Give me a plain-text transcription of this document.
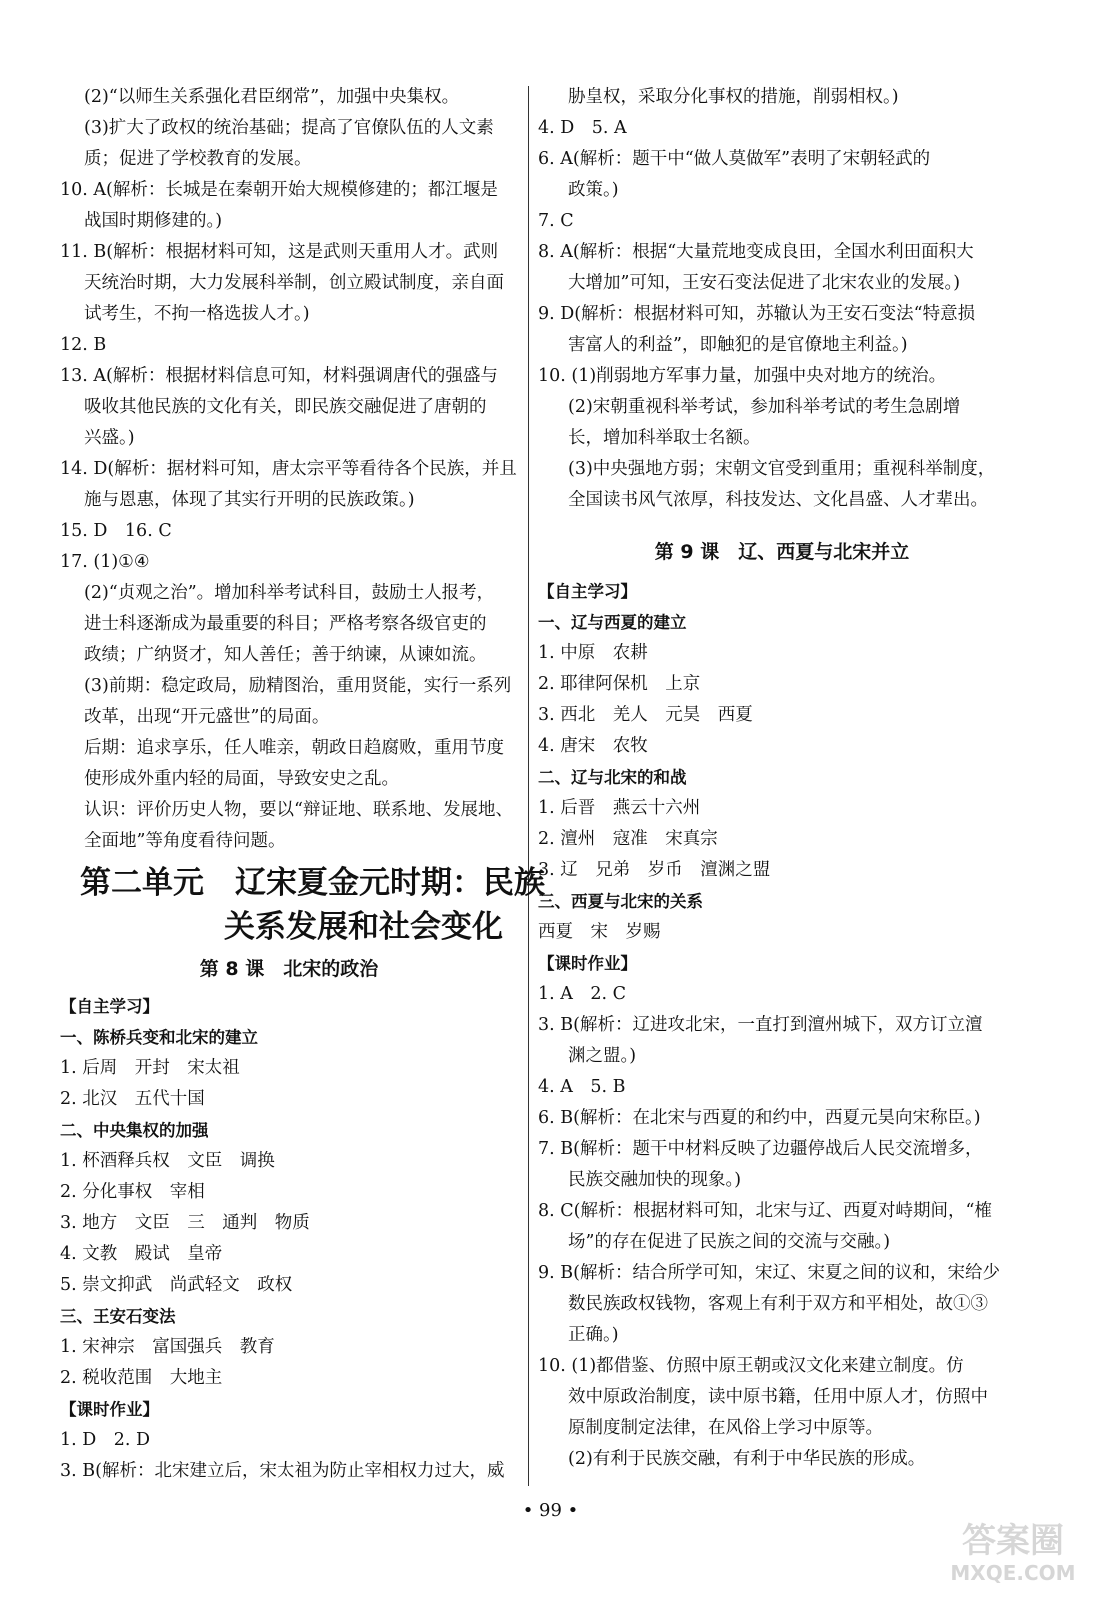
(2)“以师生关系强化君臣纲常”，加强中央集权。
(3)扩大了政权的统治基础；提高了官僚队伍的人文素
质；促进了学校教育的发展。
10. A(解析：长城是在秦朝开始大规模修建的；都江堰是
战国时期修建的。)
11. B(解析：根据材料可知，这是武则天重用人才。武则
天统治时期，大力发展科举制，创立殿试制度，亲自面
试考生，不拘一格选拔人才。)
12. B
13. A(解析：根据材料信息可知，材料强调唐代的强盛与
吸收其他民族的文化有关，即民族交融促进了唐朝的
兴盛。)
14. D(解析：据材料可知，唐太宗平等看待各个民族，并且
施与恩惠，体现了其实行开明的民族政策。)
15. D　16. C
17. (1)①④
(2)“贞观之治”。增加科举考试科目，鼓励士人报考，
进士科逐渐成为最重要的科目；严格考察各级官吏的
政绩；广纳贤才，知人善任；善于纳谏，从谏如流。
(3)前期：稳定政局，励精图治，重用贤能，实行一系列
改革，出现“开元盛世”的局面。
后期：追求享乐，任人唯亲，朝政日趋腐败，重用节度
使形成外重内轻的局面，导致安史之乱。
认识：评价历史人物，要以“辩证地、联系地、发展地、
全面地”等角度看待问题。
第二单元　辽宋夏金元时期：民族
关系发展和社会变化
第 8 课　北宋的政治
【自主学习】
一、陈桥兵变和北宋的建立
1. 后周　开封　宋太祖
2. 北汉　五代十国
二、中央集权的加强
1. 杯酒释兵权　文臣　调换
2. 分化事权　宰相
3. 地方　文臣　三　通判　物质
4. 文教　殿试　皇帝
5. 崇文抑武　尚武轻文　政权
三、王安石变法
1. 宋神宗　富国强兵　教育
2. 税收范围　大地主
【课时作业】
1. D　2. D
3. B(解析：北宋建立后，宋太祖为防止宰相权力过大，威
胁皇权，采取分化事权的措施，削弱相权。)
4. D　5. A
6. A(解析：题干中“做人莫做军”表明了宋朝轻武的
政策。)
7. C
8. A(解析：根据“大量荒地变成良田，全国水利田面积大
大增加”可知，王安石变法促进了北宋农业的发展。)
9. D(解析：根据材料可知，苏辙认为王安石变法“特意损
害富人的利益”，即触犯的是官僚地主利益。)
10. (1)削弱地方军事力量，加强中央对地方的统治。
(2)宋朝重视科举考试，参加科举考试的考生急剧增
长，增加科举取士名额。
(3)中央强地方弱；宋朝文官受到重用；重视科举制度，
全国读书风气浓厚，科技发达、文化昌盛、人才辈出。
第 9 课　辽、西夏与北宋并立
【自主学习】
一、辽与西夏的建立
1. 中原　农耕
2. 耶律阿保机　上京
3. 西北　羌人　元昊　西夏
4. 唐宋　农牧
二、辽与北宋的和战
1. 后晋　燕云十六州
2. 澶州　寇准　宋真宗
3. 辽　兄弟　岁币　澶渊之盟
三、西夏与北宋的关系
西夏　宋　岁赐
【课时作业】
1. A　2. C
3. B(解析：辽进攻北宋，一直打到澶州城下，双方订立澶
渊之盟。)
4. A　5. B
6. B(解析：在北宋与西夏的和约中，西夏元昊向宋称臣。)
7. B(解析：题干中材料反映了边疆停战后人民交流增多，
民族交融加快的现象。)
8. C(解析：根据材料可知，北宋与辽、西夏对峙期间，“榷
场”的存在促进了民族之间的交流与交融。)
9. B(解析：结合所学可知，宋辽、宋夏之间的议和，宋给少
数民族政权钱物，客观上有利于双方和平相处，故①③
正确。)
10. (1)都借鉴、仿照中原王朝或汉文化来建立制度。仿
效中原政治制度，读中原书籍，任用中原人才，仿照中
原制度制定法律，在风俗上学习中原等。
(2)有利于民族交融，有利于中华民族的形成。
• 99 •
答案圈
MXQE.COM
